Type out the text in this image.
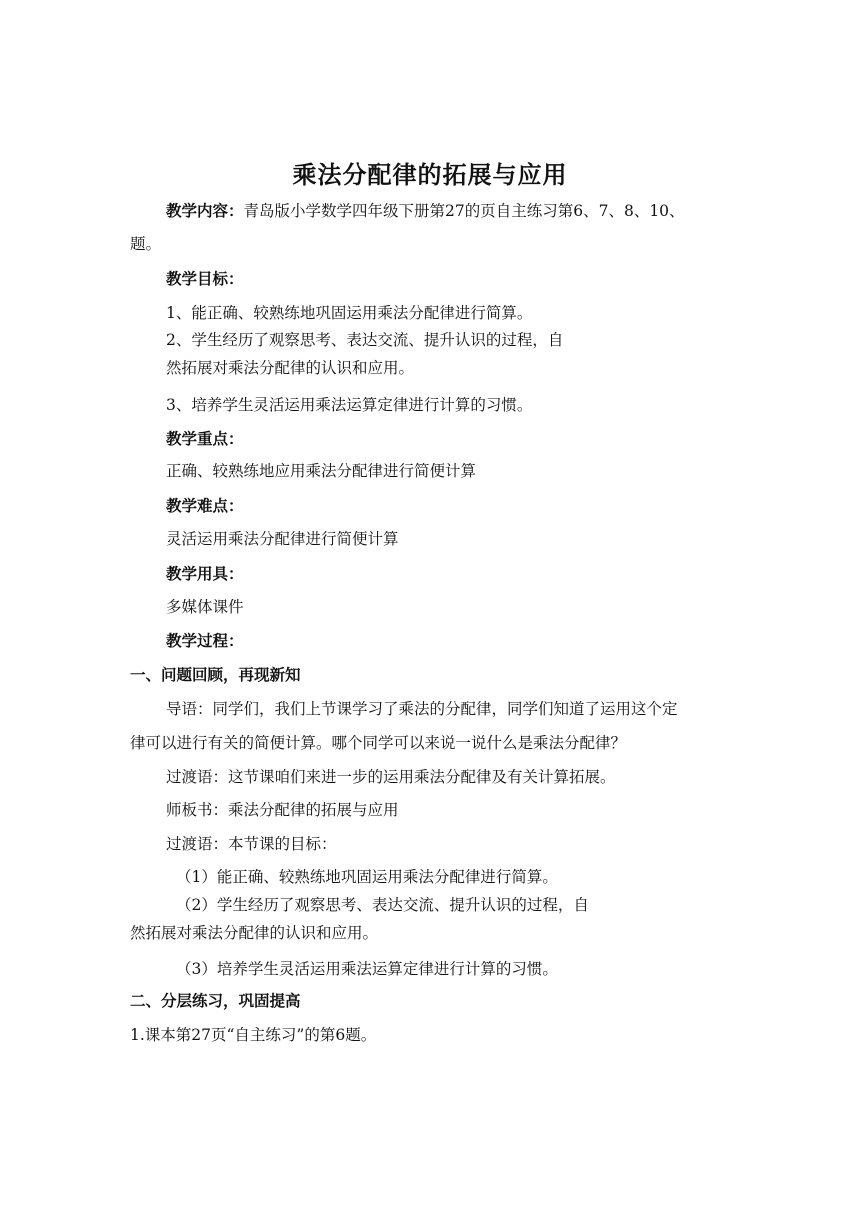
乘法分配律的拓展与应用
教学内容：青岛版小学数学四年级下册第27的页自主练习第6、7、8、10、
题。
教学目标：
1、能正确、较熟练地巩固运用乘法分配律进行简算。
2、学生经历了观察思考、表达交流、提升认识的过程，自
然拓展对乘法分配律的认识和应用。
3、培养学生灵活运用乘法运算定律进行计算的习惯。
教学重点：
正确、较熟练地应用乘法分配律进行简便计算
教学难点：
灵活运用乘法分配律进行简便计算
教学用具：
多媒体课件
教学过程：
一、问题回顾，再现新知
导语：同学们，我们上节课学习了乘法的分配律，同学们知道了运用这个定
律可以进行有关的简便计算。哪个同学可以来说一说什么是乘法分配律？
过渡语：这节课咱们来进一步的运用乘法分配律及有关计算拓展。
师板书：乘法分配律的拓展与应用
过渡语：本节课的目标：
（1）能正确、较熟练地巩固运用乘法分配律进行简算。
（2）学生经历了观察思考、表达交流、提升认识的过程，自
然拓展对乘法分配律的认识和应用。
（3）培养学生灵活运用乘法运算定律进行计算的习惯。
二、分层练习，巩固提高
1.课本第27页“自主练习”的第6题。
